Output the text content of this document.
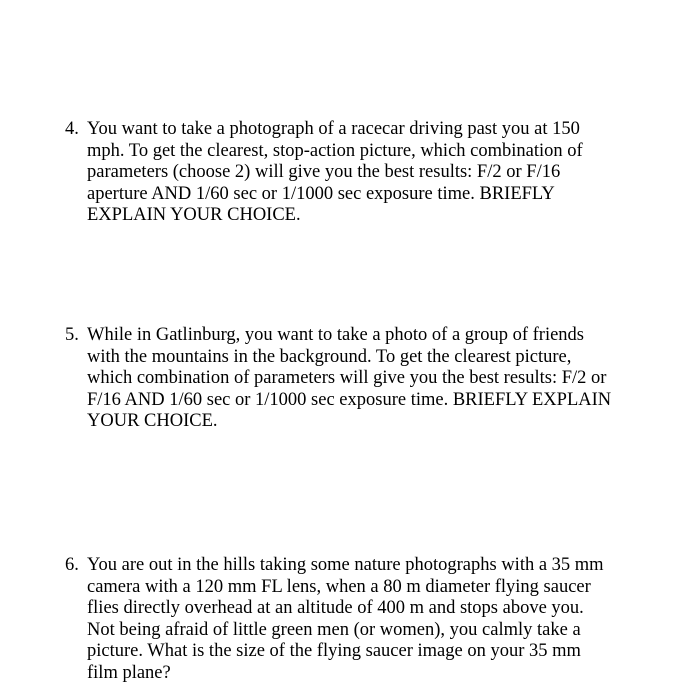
4. You want to take a photograph of a racecar driving past you at 150
mph. To get the clearest, stop-action picture, which combination of
parameters (choose 2) will give you the best results: F/2 or F/16
aperture AND 1/60 sec or 1/1000 sec exposure time. BRIEFLY
EXPLAIN YOUR CHOICE.
5. While in Gatlinburg, you want to take a photo of a group of friends
with the mountains in the background. To get the clearest picture,
which combination of parameters will give you the best results: F/2 or
F/16 AND 1/60 sec or 1/1000 sec exposure time. BRIEFLY EXPLAIN
YOUR CHOICE.
6. You are out in the hills taking some nature photographs with a 35 mm
camera with a 120 mm FL lens, when a 80 m diameter flying saucer
flies directly overhead at an altitude of 400 m and stops above you.
Not being afraid of little green men (or women), you calmly take a
picture. What is the size of the flying saucer image on your 35 mm
film plane?
